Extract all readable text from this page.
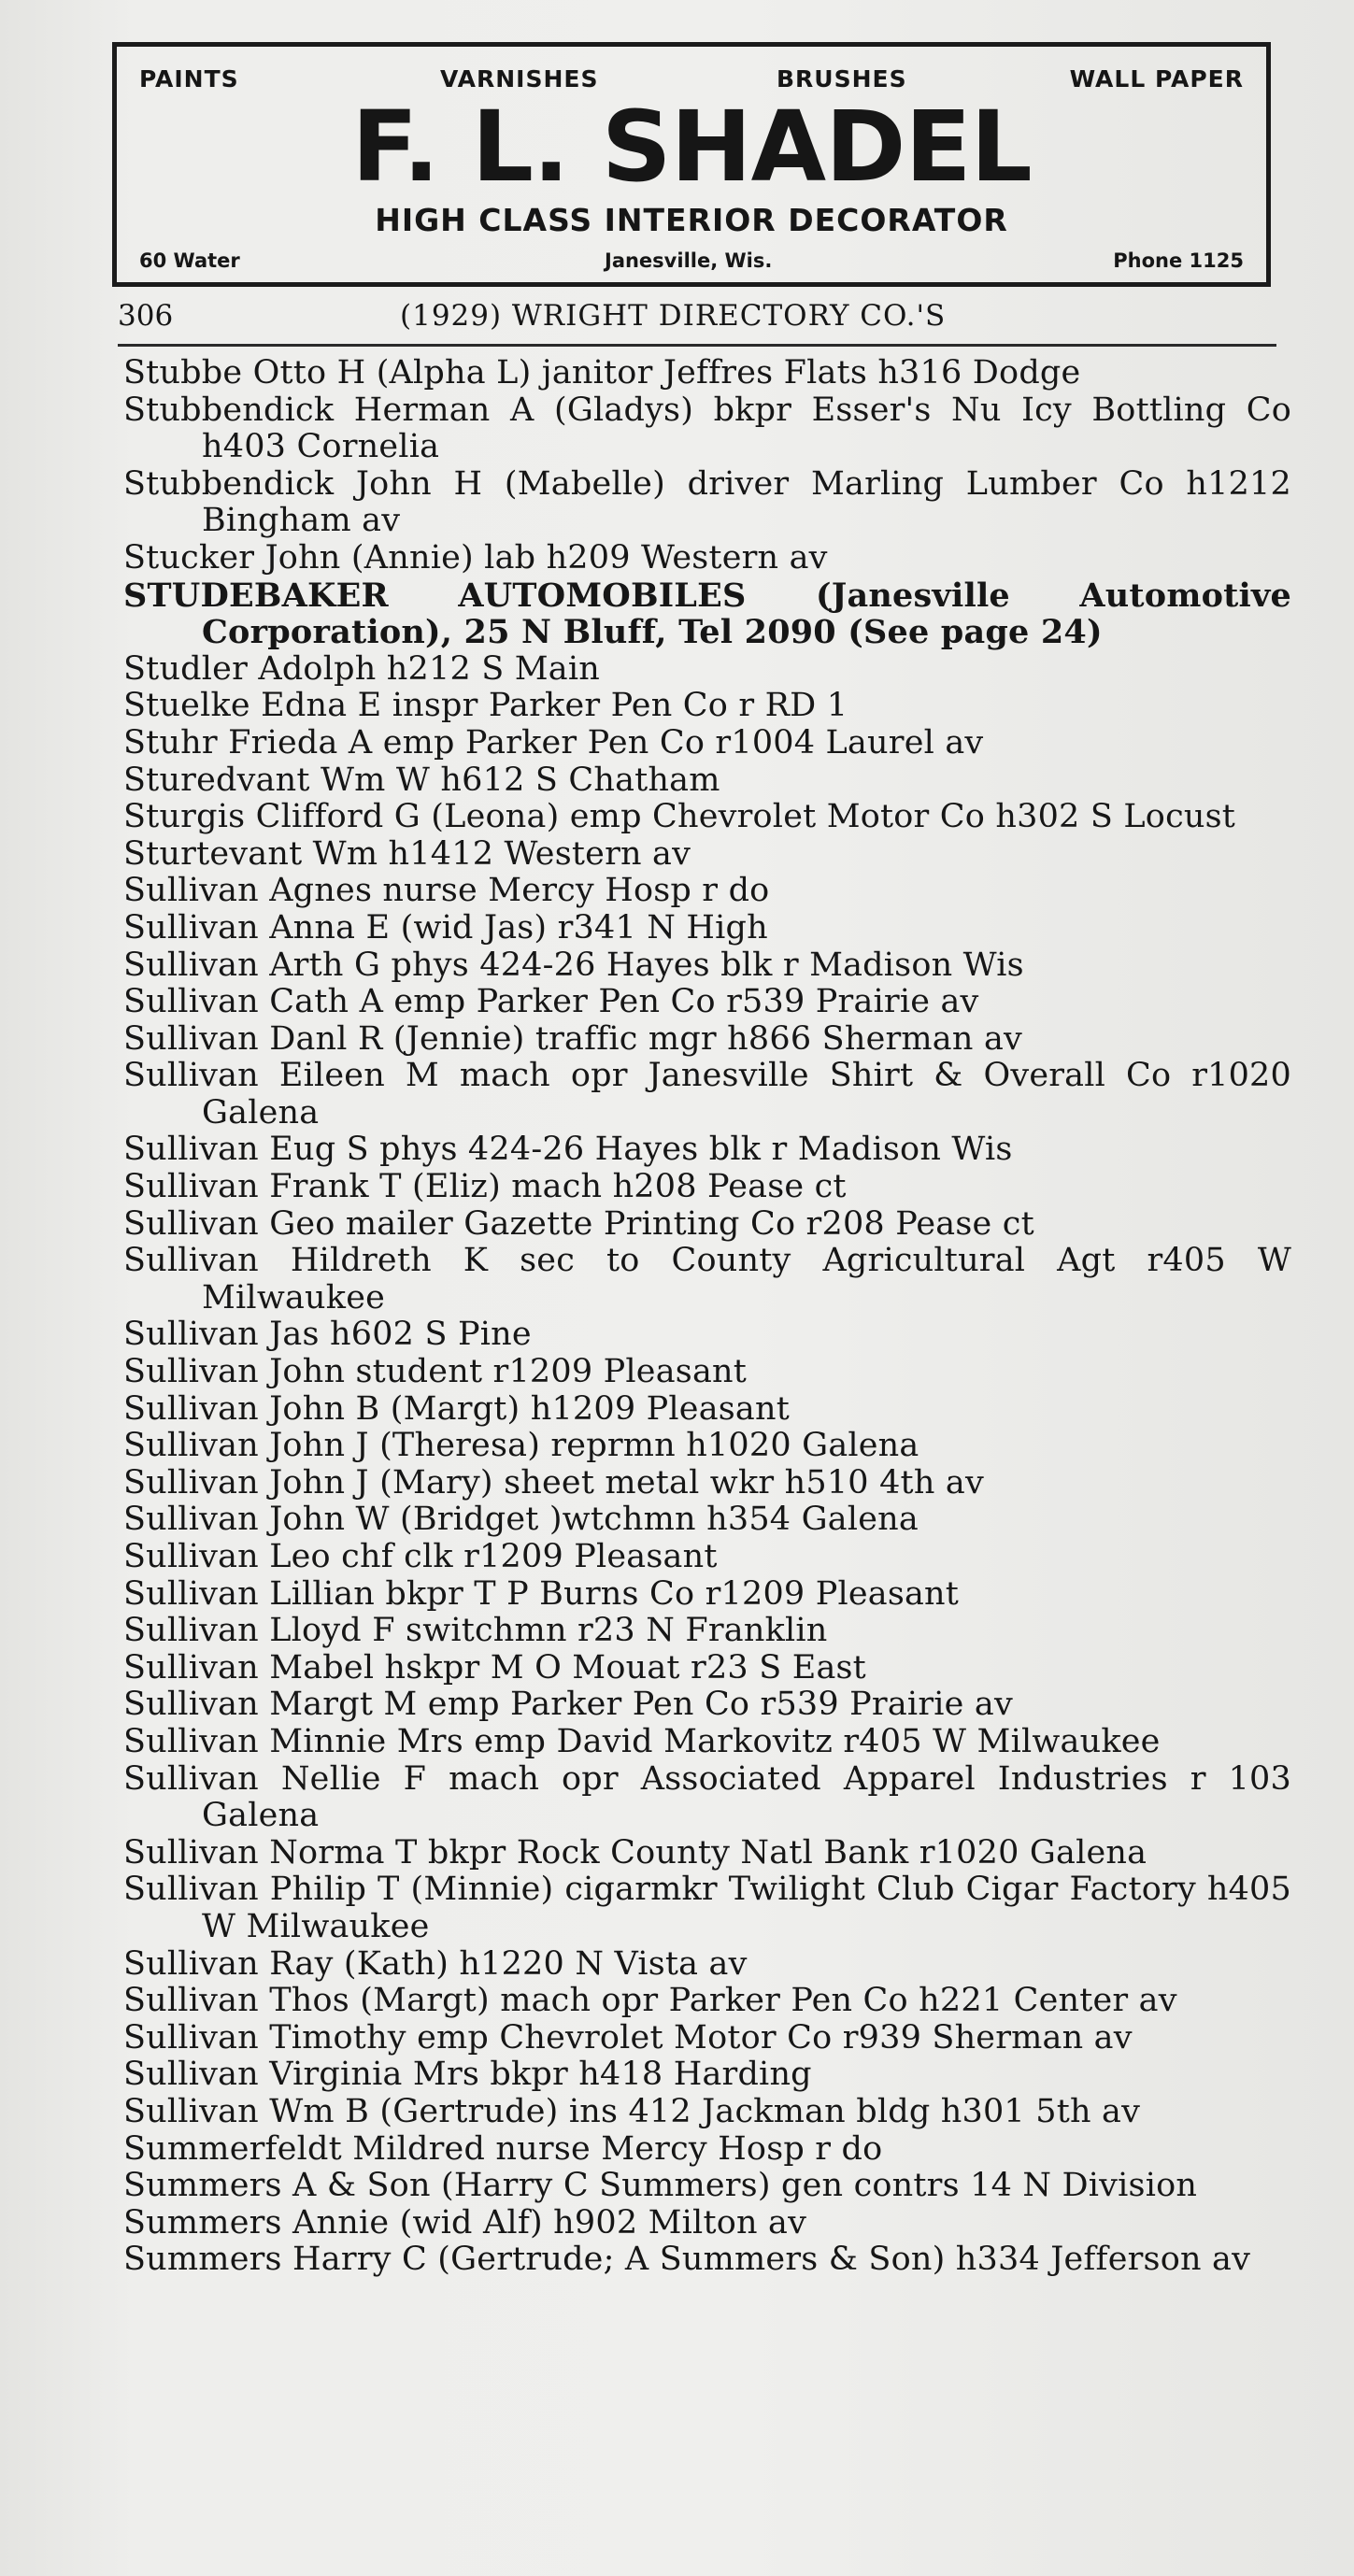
PAINTS	VARNISHES	BRUSHES	WALL PAPER
F. L. SHADEL
HIGH CLASS INTERIOR DECORATOR
60 Water	Janesville, Wis.	Phone 1125
306	(1929) WRIGHT DIRECTORY CO.'S
Stubbe Otto H (Alpha L) janitor Jeffres Flats h316 Dodge
Stubbendick Herman A (Gladys) bkpr Esser's Nu Icy Bottling Co h403 Cornelia
Stubbendick John H (Mabelle) driver Marling Lumber Co h1212 Bingham av
Stucker John (Annie) lab h209 Western av
STUDEBAKER AUTOMOBILES (Janesville Automotive Corporation), 25 N Bluff, Tel 2090 (See page 24)
Studler Adolph h212 S Main
Stuelke Edna E inspr Parker Pen Co r RD 1
Stuhr Frieda A emp Parker Pen Co r1004 Laurel av
Sturedvant Wm W h612 S Chatham
Sturgis Clifford G (Leona) emp Chevrolet Motor Co h302 S Locust
Sturtevant Wm h1412 Western av
Sullivan Agnes nurse Mercy Hosp r do
Sullivan Anna E (wid Jas) r341 N High
Sullivan Arth G phys 424-26 Hayes blk r Madison Wis
Sullivan Cath A emp Parker Pen Co r539 Prairie av
Sullivan Danl R (Jennie) traffic mgr h866 Sherman av
Sullivan Eileen M mach opr Janesville Shirt & Overall Co r1020 Galena
Sullivan Eug S phys 424-26 Hayes blk r Madison Wis
Sullivan Frank T (Eliz) mach h208 Pease ct
Sullivan Geo mailer Gazette Printing Co r208 Pease ct
Sullivan Hildreth K sec to County Agricultural Agt r405 W Milwaukee
Sullivan Jas h602 S Pine
Sullivan John student r1209 Pleasant
Sullivan John B (Margt) h1209 Pleasant
Sullivan John J (Theresa) reprmn h1020 Galena
Sullivan John J (Mary) sheet metal wkr h510 4th av
Sullivan John W (Bridget )wtchmn h354 Galena
Sullivan Leo chf clk r1209 Pleasant
Sullivan Lillian bkpr T P Burns Co r1209 Pleasant
Sullivan Lloyd F switchmn r23 N Franklin
Sullivan Mabel hskpr M O Mouat r23 S East
Sullivan Margt M emp Parker Pen Co r539 Prairie av
Sullivan Minnie Mrs emp David Markovitz r405 W Milwaukee
Sullivan Nellie F mach opr Associated Apparel Industries r 103 Galena
Sullivan Norma T bkpr Rock County Natl Bank r1020 Galena
Sullivan Philip T (Minnie) cigarmkr Twilight Club Cigar Factory h405 W Milwaukee
Sullivan Ray (Kath) h1220 N Vista av
Sullivan Thos (Margt) mach opr Parker Pen Co h221 Center av
Sullivan Timothy emp Chevrolet Motor Co r939 Sherman av
Sullivan Virginia Mrs bkpr h418 Harding
Sullivan Wm B (Gertrude) ins 412 Jackman bldg h301 5th av
Summerfeldt Mildred nurse Mercy Hosp r do
Summers A & Son (Harry C Summers) gen contrs 14 N Division
Summers Annie (wid Alf) h902 Milton av
Summers Harry C (Gertrude; A Summers & Son) h334 Jefferson av
